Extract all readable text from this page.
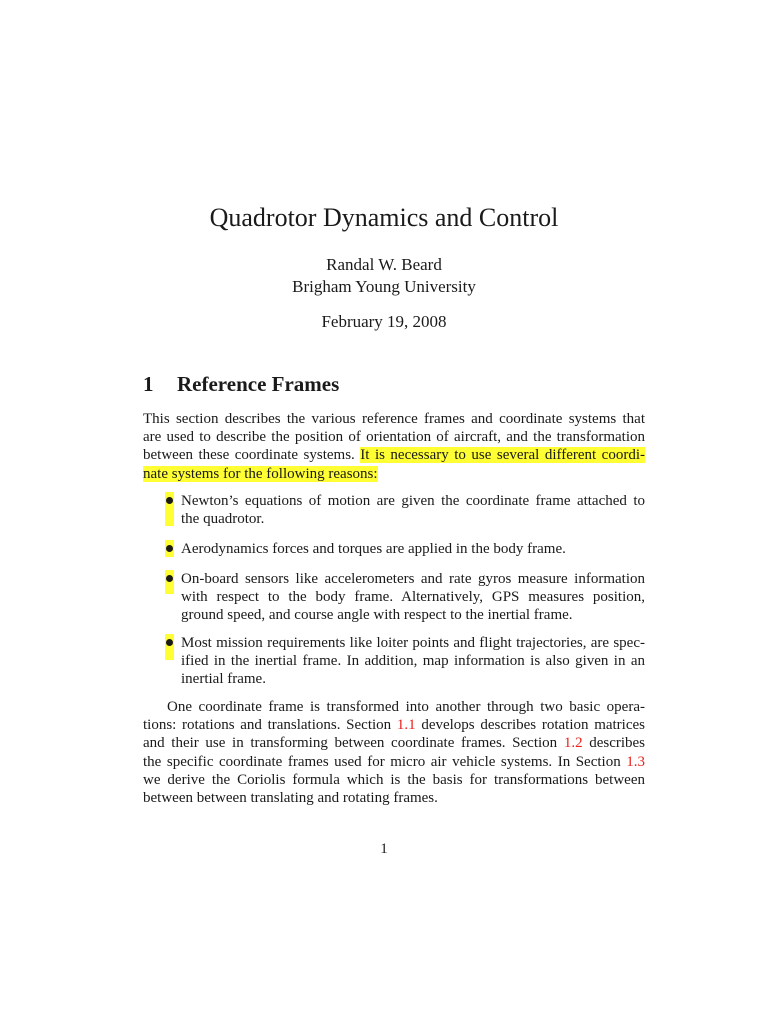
Quadrotor Dynamics and Control
Randal W. Beard
Brigham Young University
February 19, 2008
1 Reference Frames
This section describes the various reference frames and coordinate systems that
are used to describe the position of orientation of aircraft, and the transformation
between these coordinate systems. It is necessary to use several different coordi-
nate systems for the following reasons:
Newton’s equations of motion are given the coordinate frame attached to
the quadrotor.
Aerodynamics forces and torques are applied in the body frame.
On-board sensors like accelerometers and rate gyros measure information
with respect to the body frame. Alternatively, GPS measures position,
ground speed, and course angle with respect to the inertial frame.
Most mission requirements like loiter points and flight trajectories, are spec-
ified in the inertial frame. In addition, map information is also given in an
inertial frame.
One coordinate frame is transformed into another through two basic opera-
tions: rotations and translations. Section 1.1 develops describes rotation matrices
and their use in transforming between coordinate frames. Section 1.2 describes
the specific coordinate frames used for micro air vehicle systems. In Section 1.3
we derive the Coriolis formula which is the basis for transformations between
between between translating and rotating frames.
1
